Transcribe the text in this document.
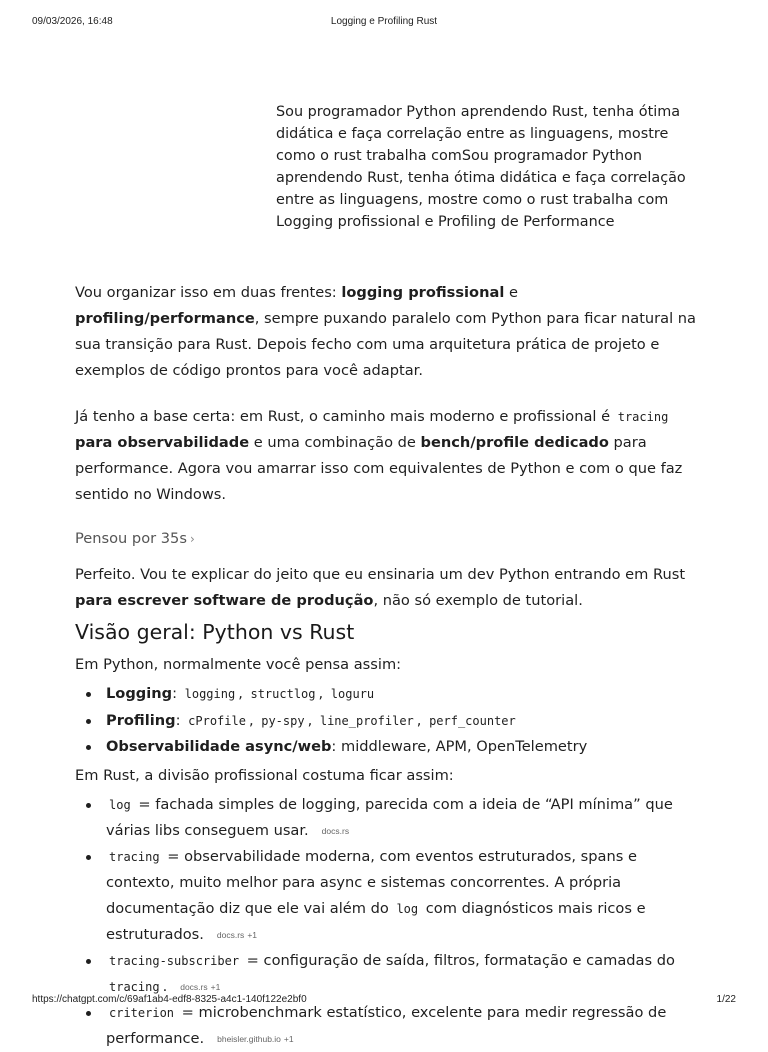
09/03/2026, 16:48	Logging e Profiling Rust
Sou programador Python aprendendo Rust, tenha ótima didática e faça correlação entre as linguagens, mostre como o rust trabalha comSou programador Python aprendendo Rust, tenha ótima didática e faça correlação entre as linguagens, mostre como o rust trabalha com Logging profissional e Profiling de Performance

Vou organizar isso em duas frentes: logging profissional e profiling/performance, sempre puxando paralelo com Python para ficar natural na sua transição para Rust. Depois fecho com uma arquitetura prática de projeto e exemplos de código prontos para você adaptar.

Já tenho a base certa: em Rust, o caminho mais moderno e profissional é tracing para observabilidade e uma combinação de bench/profile dedicado para performance. Agora vou amarrar isso com equivalentes de Python e com o que faz sentido no Windows.

Pensou por 35s ›

Perfeito. Vou te explicar do jeito que eu ensinaria um dev Python entrando em Rust para escrever software de produção, não só exemplo de tutorial.

Visão geral: Python vs Rust
Em Python, normalmente você pensa assim:
Logging: logging , structlog , loguru
Profiling: cProfile , py-spy , line_profiler , perf_counter
Observabilidade async/web: middleware, APM, OpenTelemetry
Em Rust, a divisão profissional costuma ficar assim:
log = fachada simples de logging, parecida com a ideia de “API mínima” que várias libs conseguem usar. docs.rs
tracing = observabilidade moderna, com eventos estruturados, spans e contexto, muito melhor para async e sistemas concorrentes. A própria documentação diz que ele vai além do log com diagnósticos mais ricos e estruturados. docs.rs +1
tracing-subscriber = configuração de saída, filtros, formatação e camadas do tracing . docs.rs +1
criterion = microbenchmark estatístico, excelente para medir regressão de performance. bheisler.github.io +1
https://chatgpt.com/c/69af1ab4-edf8-8325-a4c1-140f122e2bf0	1/22
